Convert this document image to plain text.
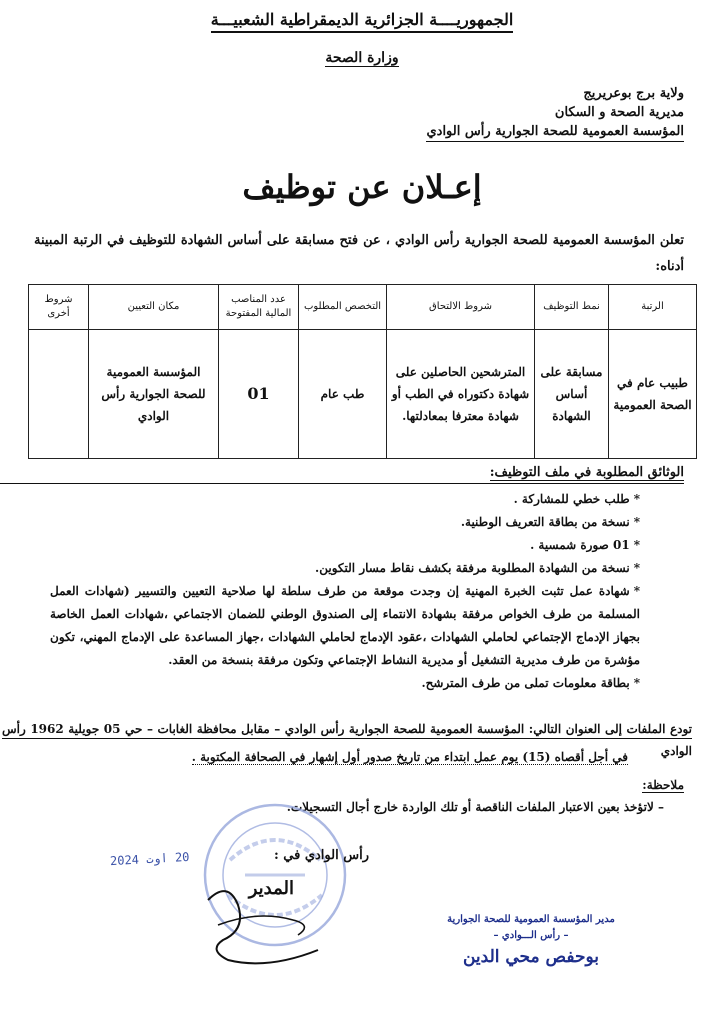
الجمهوريــــة الجزائرية الديمقراطية الشعبيـــة
وزارة الصحة
ولاية برج بوعريريج
مديرية الصحة و السكان
المؤسسة العمومية للصحة الجوارية رأس الوادي
إعـلان عن توظيف
تعلن المؤسسة العمومية للصحة الجوارية رأس الوادي ، عن فتح مسابقة على أساس الشهادة للتوظيف في الرتبة المبينة أدناه:
الرتبة	نمط التوظيف	شروط الالتحاق	التخصص المطلوب	عدد المناصب المالية المفتوحة	مكان التعيين	شروط أخرى
طبيب عام في الصحة العمومية	مسابقة على أساس الشهادة	المترشحين الحاصلين على شهادة دكتوراه في الطب أو شهادة معترفا بمعادلتها.	طب عام	01	المؤسسة العمومية للصحة الجوارية رأس الوادي	
الوثائق المطلوبة في ملف التوظيف:
*طلب خطي للمشاركة .
*نسخة من بطاقة التعريف الوطنية.
*01 صورة شمسية .
*نسخة من الشهادة المطلوبة مرفقة بكشف نقاط مسار التكوين.
*شهادة عمل تثبت الخبرة المهنية إن وجدت موقعة من طرف سلطة لها صلاحية التعيين والتسيير (شهادات العمل المسلمة من طرف الخواص مرفقة بشهادة الانتماء إلى الصندوق الوطني للضمان الاجتماعي ،شهادات العمل الخاصة بجهاز الإدماج الإجتماعي لحاملي الشهادات ،عقود الإدماج لحاملي الشهادات ،جهاز المساعدة على الإدماج المهني، تكون مؤشرة من طرف مديرية التشغيل أو مديرية النشاط الإجتماعي وتكون مرفقة بنسخة من العقد.
*بطاقة معلومات تملى من طرف المترشح.
تودع الملفات إلى العنوان التالي: المؤسسة العمومية للصحة الجوارية رأس الوادي – مقابل محافظة الغابات – حي 05 جويلية 1962 رأس الوادي
في أجل أقصاه (15) يوم عمل ابتداء من تاريخ صدور أول إشهار في الصحافة المكتوبة .
ملاحظة:
– لاتؤخذ بعين الاعتبار الملفات الناقصة أو تلك الواردة خارج أجال التسجيلات.
رأس الوادي في :
20 اوت 2024
المدير
مدير المؤسسة العمومية للصحة الجوارية
– رأس الـــوادي –
بوحفص محي الدين
